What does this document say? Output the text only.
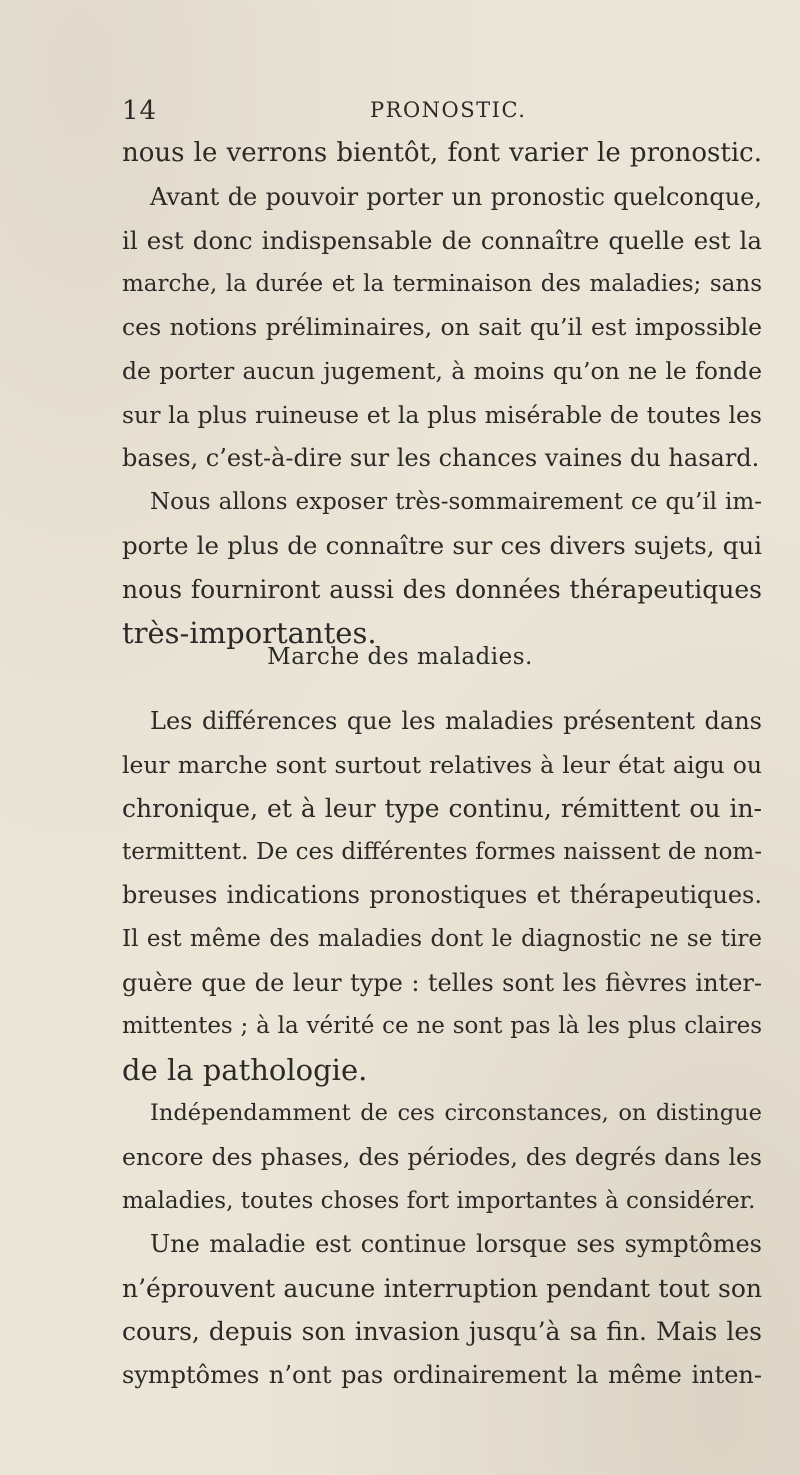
14	PRONOSTIC.
nous le verrons bientôt, font varier le pronostic.
Avant de pouvoir porter un pronostic quelconque,
il est donc indispensable de connaître quelle est la
marche, la durée et la terminaison des maladies; sans
ces notions préliminaires, on sait qu’il est impossible
de porter aucun jugement, à moins qu’on ne le fonde
sur la plus ruineuse et la plus misérable de toutes les
bases, c’est-à-dire sur les chances vaines du hasard.
Nous allons exposer très-sommairement ce qu’il im-
porte le plus de connaître sur ces divers sujets, qui
nous fourniront aussi des données thérapeutiques
très-importantes.
Marche des maladies.
Les différences que les maladies présentent dans
leur marche sont surtout relatives à leur état aigu ou
chronique, et à leur type continu, rémittent ou in-
termittent. De ces différentes formes naissent de nom-
breuses indications pronostiques et thérapeutiques.
Il est même des maladies dont le diagnostic ne se tire
guère que de leur type : telles sont les fièvres inter-
mittentes ; à la vérité ce ne sont pas là les plus claires
de la pathologie.
Indépendamment de ces circonstances, on distingue
encore des phases, des périodes, des degrés dans les
maladies, toutes choses fort importantes à considérer.
Une maladie est continue lorsque ses symptômes
n’éprouvent aucune interruption pendant tout son
cours, depuis son invasion jusqu’à sa fin. Mais les
symptômes n’ont pas ordinairement la même inten-
